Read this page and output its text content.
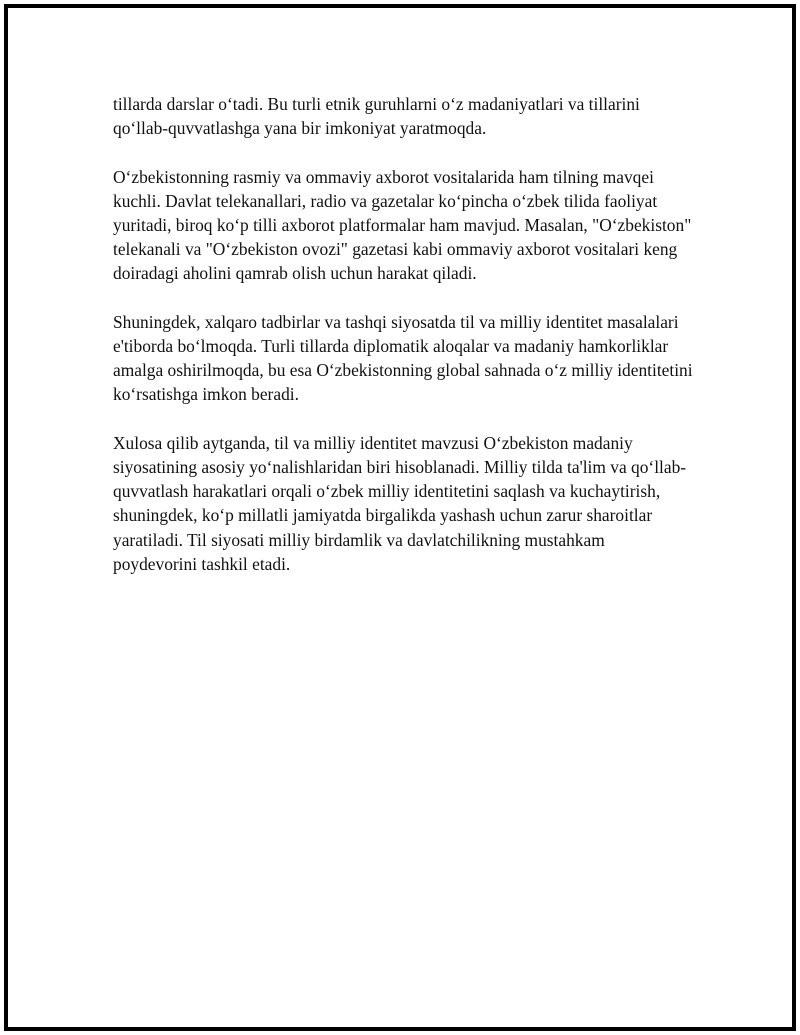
tillarda darslar o‘tadi. Bu turli etnik guruhlarni o‘z madaniyatlari va tillarini qo‘llab-quvvatlashga yana bir imkoniyat yaratmoqda.

O‘zbekistonning rasmiy va ommaviy axborot vositalarida ham tilning mavqei kuchli. Davlat telekanallari, radio va gazetalar ko‘pincha o‘zbek tilida faoliyat yuritadi, biroq ko‘p tilli axborot platformalar ham mavjud. Masalan, "O‘zbekiston" telekanali va "O‘zbekiston ovozi" gazetasi kabi ommaviy axborot vositalari keng doiradagi aholini qamrab olish uchun harakat qiladi.

Shuningdek, xalqaro tadbirlar va tashqi siyosatda til va milliy identitet masalalari e'tiborda bo‘lmoqda. Turli tillarda diplomatik aloqalar va madaniy hamkorliklar amalga oshirilmoqda, bu esa O‘zbekistonning global sahnada o‘z milliy identitetini ko‘rsatishga imkon beradi.

Xulosa qilib aytganda, til va milliy identitet mavzusi O‘zbekiston madaniy siyosatining asosiy yo‘nalishlaridan biri hisoblanadi. Milliy tilda ta'lim va qo‘llab-quvvatlash harakatlari orqali o‘zbek milliy identitetini saqlash va kuchaytirish, shuningdek, ko‘p millatli jamiyatda birgalikda yashash uchun zarur sharoitlar yaratiladi. Til siyosati milliy birdamlik va davlatchilikning mustahkam poydevorini tashkil etadi.
